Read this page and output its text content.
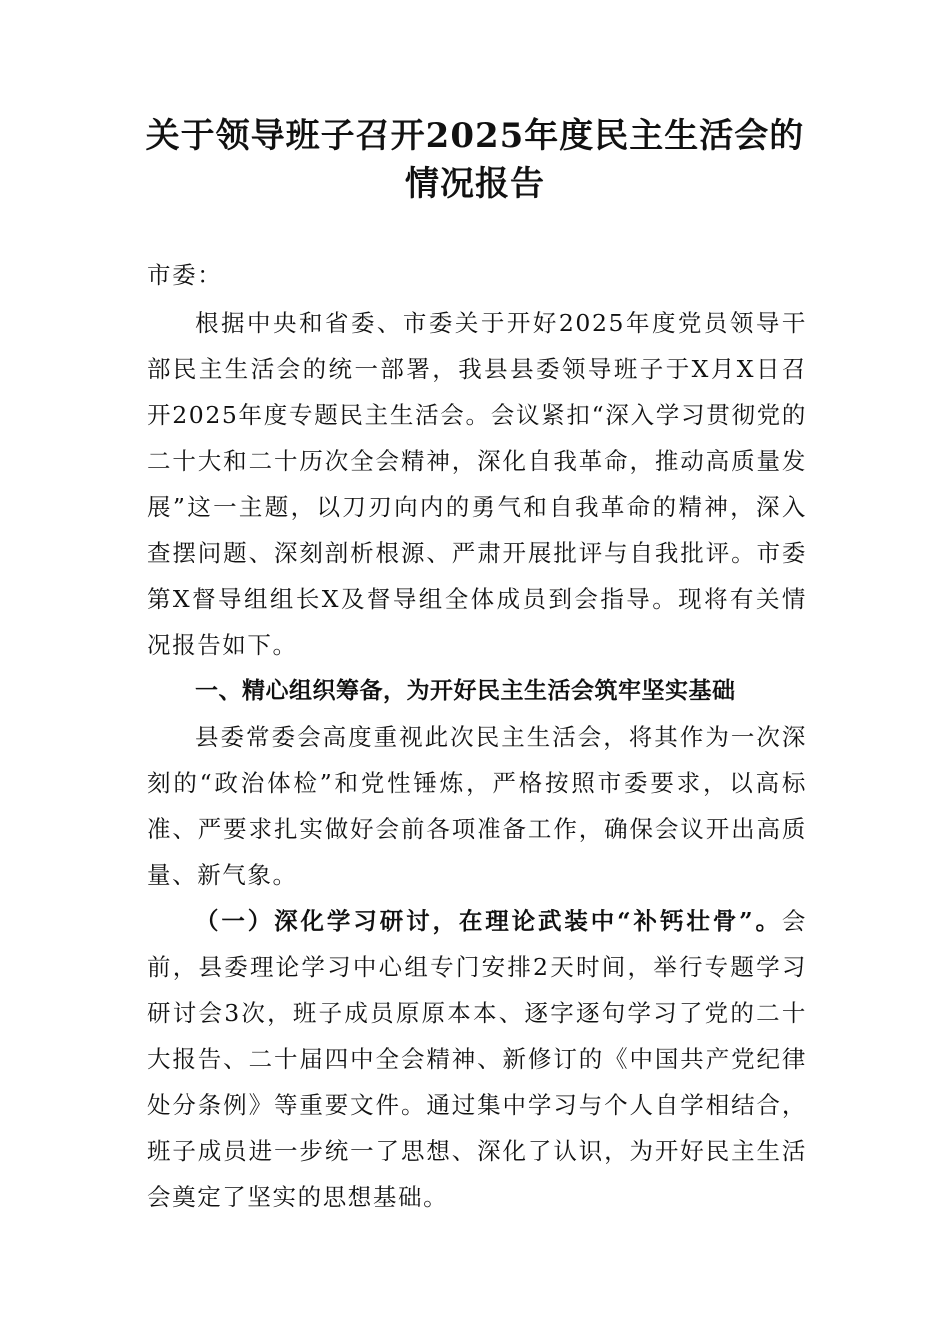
关于领导班子召开2025年度民主生活会的情况报告

市委：

根据中央和省委、市委关于开好2025年度党员领导干部民主生活会的统一部署，我县县委领导班子于X月X日召开2025年度专题民主生活会。会议紧扣“深入学习贯彻党的二十大和二十历次全会精神，深化自我革命，推动高质量发展”这一主题，以刀刃向内的勇气和自我革命的精神，深入查摆问题、深刻剖析根源、严肃开展批评与自我批评。市委第X督导组组长X及督导组全体成员到会指导。现将有关情况报告如下。

一、精心组织筹备，为开好民主生活会筑牢坚实基础

县委常委会高度重视此次民主生活会，将其作为一次深刻的“政治体检”和党性锤炼，严格按照市委要求，以高标准、严要求扎实做好会前各项准备工作，确保会议开出高质量、新气象。

（一）深化学习研讨，在理论武装中“补钙壮骨”。会前，县委理论学习中心组专门安排2天时间，举行专题学习研讨会3次，班子成员原原本本、逐字逐句学习了党的二十大报告、二十届四中全会精神、新修订的《中国共产党纪律处分条例》等重要文件。通过集中学习与个人自学相结合，班子成员进一步统一了思想、深化了认识，为开好民主生活会奠定了坚实的思想基础。
